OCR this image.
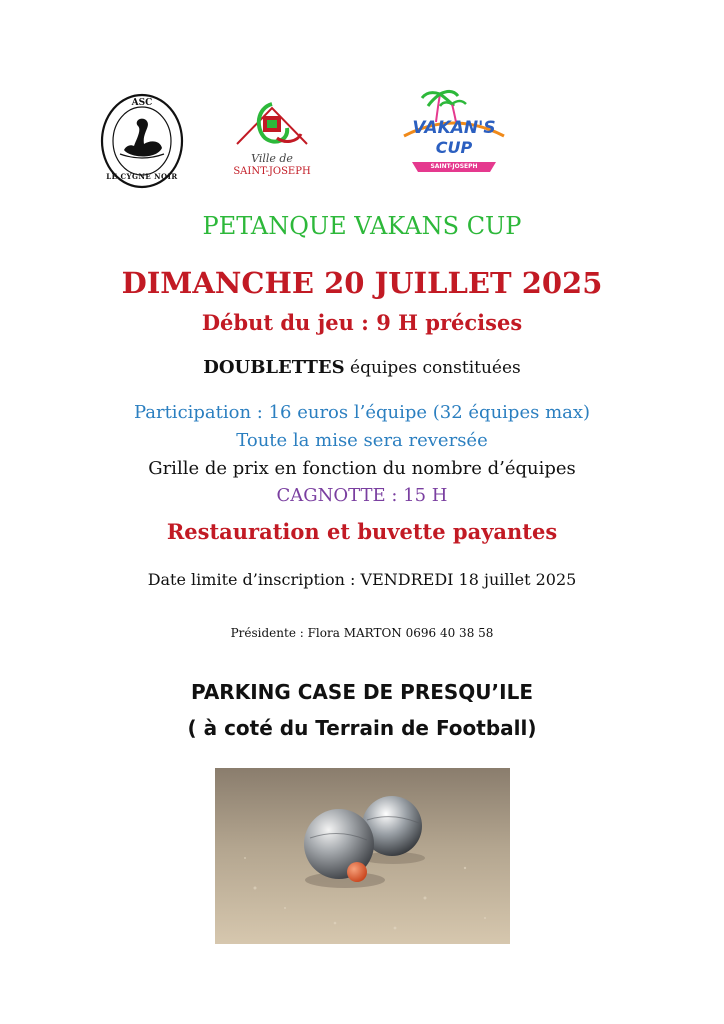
ASC
LE CYGNE NOIR
Ville de
SAINT-JOSEPH
VAKAN'S
CUP
SAINT-JOSEPH
PETANQUE VAKANS CUP
DIMANCHE 20 JUILLET 2025
Début du jeu : 9 H précises
DOUBLETTES équipes constituées
Participation : 16 euros l’équipe (32 équipes max)
Toute la mise sera reversée
Grille de prix en fonction du nombre d’équipes
CAGNOTTE : 15 H
Restauration et buvette payantes
Date limite d’inscription : VENDREDI 18 juillet 2025
Présidente : Flora MARTON 0696 40 38 58
PARKING CASE DE PRESQU’ILE
( à coté du Terrain de Football)
